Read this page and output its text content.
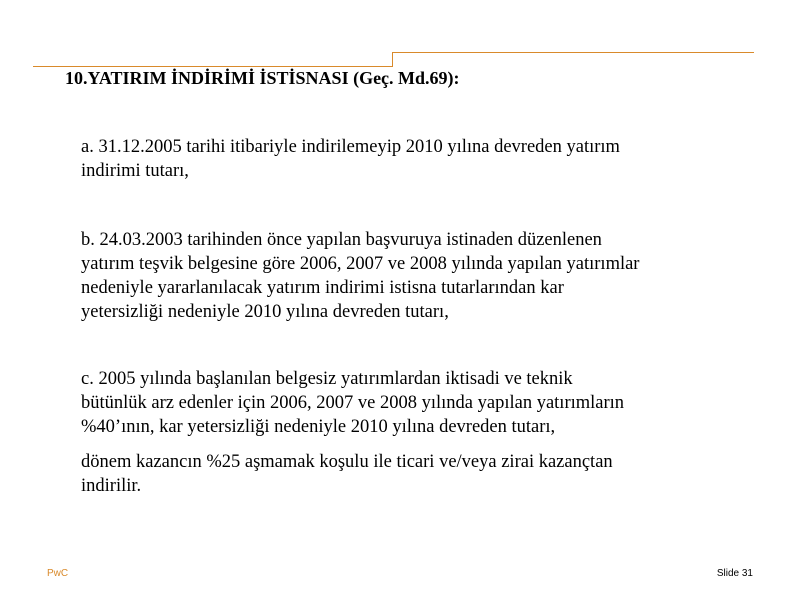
10.YATIRIM İNDİRİMİ İSTİSNASI (Geç. Md.69):
a. 31.12.2005 tarihi itibariyle indirilemeyip 2010 yılına devreden yatırım
indirimi tutarı,
b. 24.03.2003 tarihinden önce yapılan başvuruya istinaden düzenlenen
yatırım teşvik belgesine göre 2006, 2007 ve 2008 yılında yapılan yatırımlar
nedeniyle yararlanılacak yatırım indirimi istisna tutarlarından kar
yetersizliği nedeniyle 2010 yılına devreden tutarı,
c. 2005 yılında başlanılan belgesiz yatırımlardan iktisadi ve teknik
bütünlük arz edenler için 2006, 2007 ve 2008 yılında yapılan yatırımların
%40’ının, kar yetersizliği nedeniyle 2010 yılına devreden tutarı,
dönem kazancın %25 aşmamak koşulu ile ticari ve/veya zirai kazançtan
indirilir.
PwC	Slide 31
